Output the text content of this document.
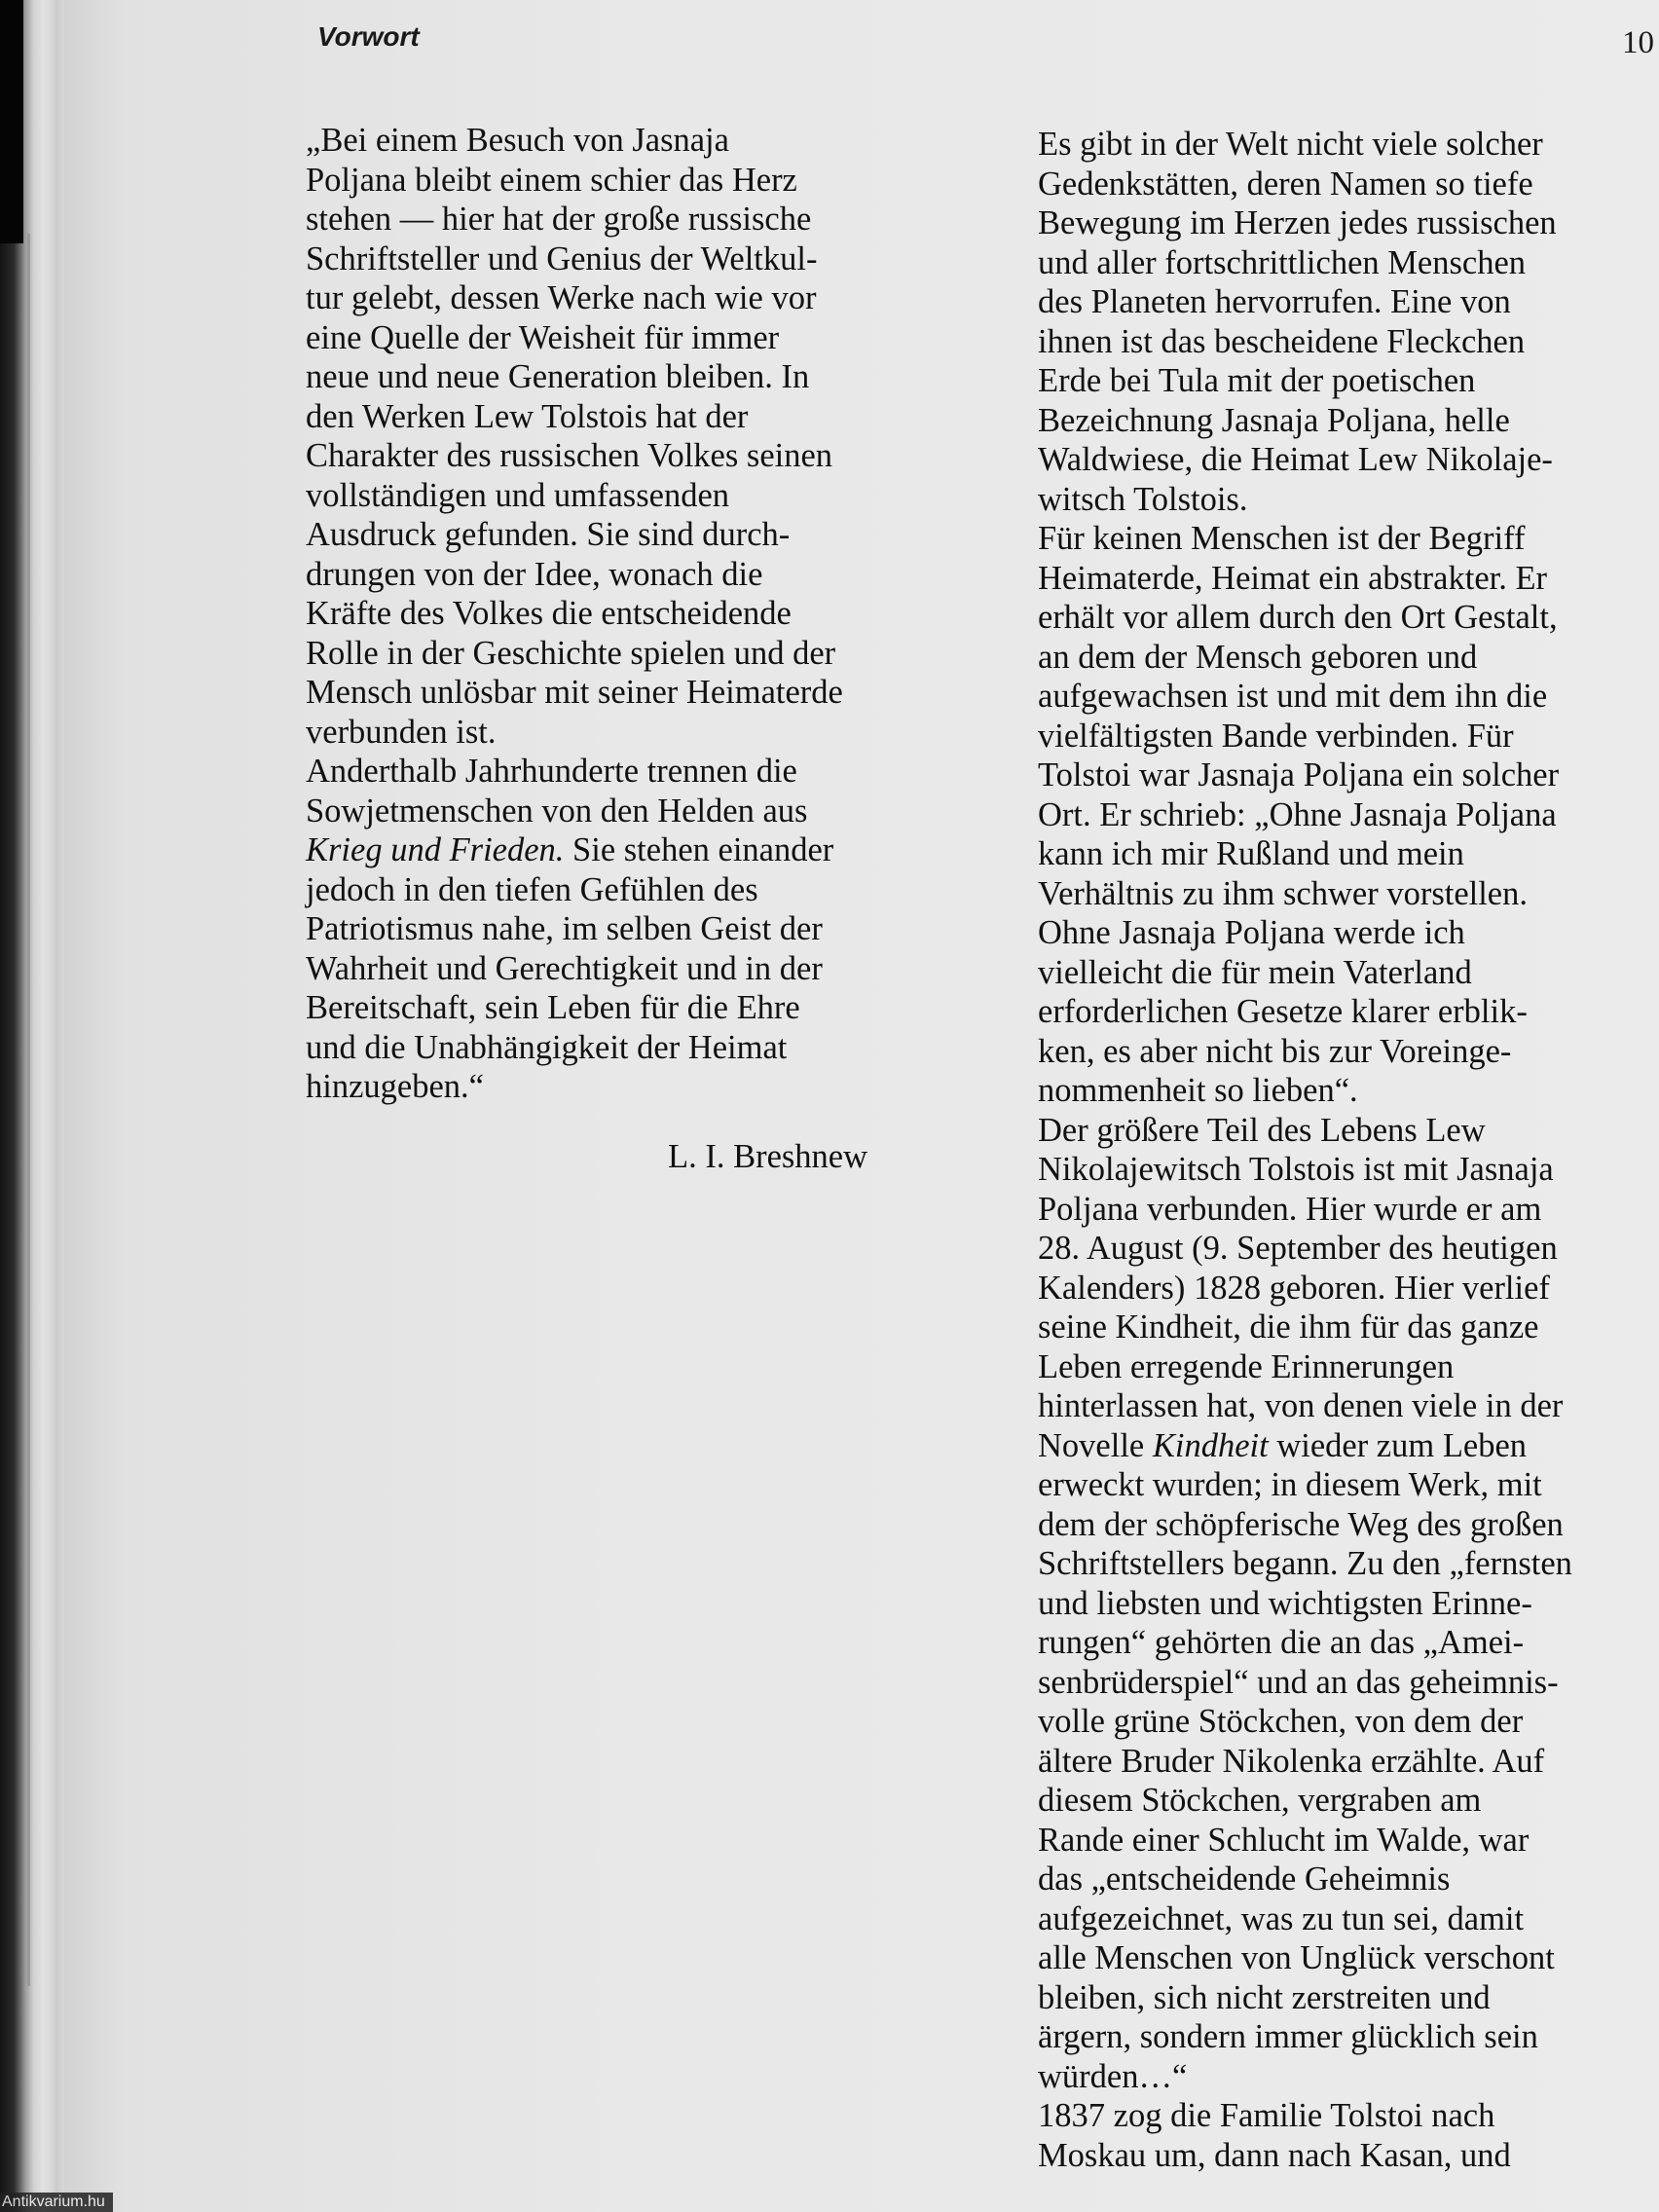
Vorwort	10

„Bei einem Besuch von Jasnaja
Poljana bleibt einem schier das Herz
stehen — hier hat der große russische
Schriftsteller und Genius der Weltkul-
tur gelebt, dessen Werke nach wie vor
eine Quelle der Weisheit für immer
neue und neue Generation bleiben. In
den Werken Lew Tolstois hat der
Charakter des russischen Volkes seinen
vollständigen und umfassenden
Ausdruck gefunden. Sie sind durch-
drungen von der Idee, wonach die
Kräfte des Volkes die entscheidende
Rolle in der Geschichte spielen und der
Mensch unlösbar mit seiner Heimaterde
verbunden ist.
Anderthalb Jahrhunderte trennen die
Sowjetmenschen von den Helden aus
Krieg und Frieden. Sie stehen einander
jedoch in den tiefen Gefühlen des
Patriotismus nahe, im selben Geist der
Wahrheit und Gerechtigkeit und in der
Bereitschaft, sein Leben für die Ehre
und die Unabhängigkeit der Heimat
hinzugeben.“

L. I. Breshnew

Es gibt in der Welt nicht viele solcher
Gedenkstätten, deren Namen so tiefe
Bewegung im Herzen jedes russischen
und aller fortschrittlichen Menschen
des Planeten hervorrufen. Eine von
ihnen ist das bescheidene Fleckchen
Erde bei Tula mit der poetischen
Bezeichnung Jasnaja Poljana, helle
Waldwiese, die Heimat Lew Nikolaje-
witsch Tolstois.
Für keinen Menschen ist der Begriff
Heimaterde, Heimat ein abstrakter. Er
erhält vor allem durch den Ort Gestalt,
an dem der Mensch geboren und
aufgewachsen ist und mit dem ihn die
vielfältigsten Bande verbinden. Für
Tolstoi war Jasnaja Poljana ein solcher
Ort. Er schrieb: „Ohne Jasnaja Poljana
kann ich mir Rußland und mein
Verhältnis zu ihm schwer vorstellen.
Ohne Jasnaja Poljana werde ich
vielleicht die für mein Vaterland
erforderlichen Gesetze klarer erblik-
ken, es aber nicht bis zur Voreinge-
nommenheit so lieben“.
Der größere Teil des Lebens Lew
Nikolajewitsch Tolstois ist mit Jasnaja
Poljana verbunden. Hier wurde er am
28. August (9. September des heutigen
Kalenders) 1828 geboren. Hier verlief
seine Kindheit, die ihm für das ganze
Leben erregende Erinnerungen
hinterlassen hat, von denen viele in der
Novelle Kindheit wieder zum Leben
erweckt wurden; in diesem Werk, mit
dem der schöpferische Weg des großen
Schriftstellers begann. Zu den „fernsten
und liebsten und wichtigsten Erinne-
rungen“ gehörten die an das „Amei-
senbrüderspiel“ und an das geheimnis-
volle grüne Stöckchen, von dem der
ältere Bruder Nikolenka erzählte. Auf
diesem Stöckchen, vergraben am
Rande einer Schlucht im Walde, war
das „entscheidende Geheimnis
aufgezeichnet, was zu tun sei, damit
alle Menschen von Unglück verschont
bleiben, sich nicht zerstreiten und
ärgern, sondern immer glücklich sein
würden…“
1837 zog die Familie Tolstoi nach
Moskau um, dann nach Kasan, und

Antikvarium.hu
